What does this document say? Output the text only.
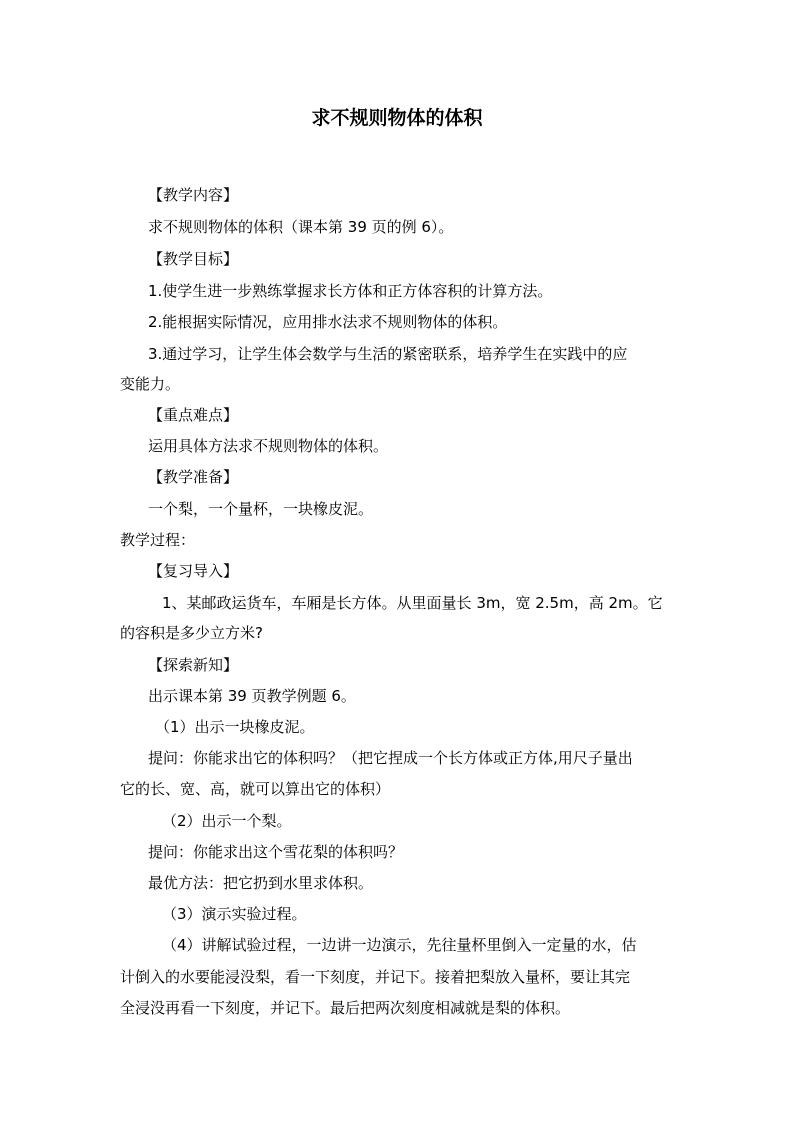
求不规则物体的体积

【教学内容】

求不规则物体的体积（课本第 39 页的例 6）。

【教学目标】

1.使学生进一步熟练掌握求长方体和正方体容积的计算方法。

2.能根据实际情况，应用排水法求不规则物体的体积。

3.通过学习，让学生体会数学与生活的紧密联系，培养学生在实践中的应

变能力。

【重点难点】

运用具体方法求不规则物体的体积。

【教学准备】

一个梨，一个量杯，一块橡皮泥。

教学过程：

【复习导入】

1、某邮政运货车，车厢是长方体。从里面量长 3m，宽 2.5m，高 2m。它

的容积是多少立方米?

【探索新知】

出示课本第 39 页教学例题 6。

（1）出示一块橡皮泥。

提问：你能求出它的体积吗？（把它捏成一个长方体或正方体,用尺子量出

它的长、宽、高，就可以算出它的体积）

（2）出示一个梨。

提问：你能求出这个雪花梨的体积吗？

最优方法：把它扔到水里求体积。

（3）演示实验过程。

（4）讲解试验过程，一边讲一边演示，先往量杯里倒入一定量的水，估

计倒入的水要能浸没梨，看一下刻度，并记下。接着把梨放入量杯，要让其完

全浸没再看一下刻度，并记下。最后把两次刻度相减就是梨的体积。
